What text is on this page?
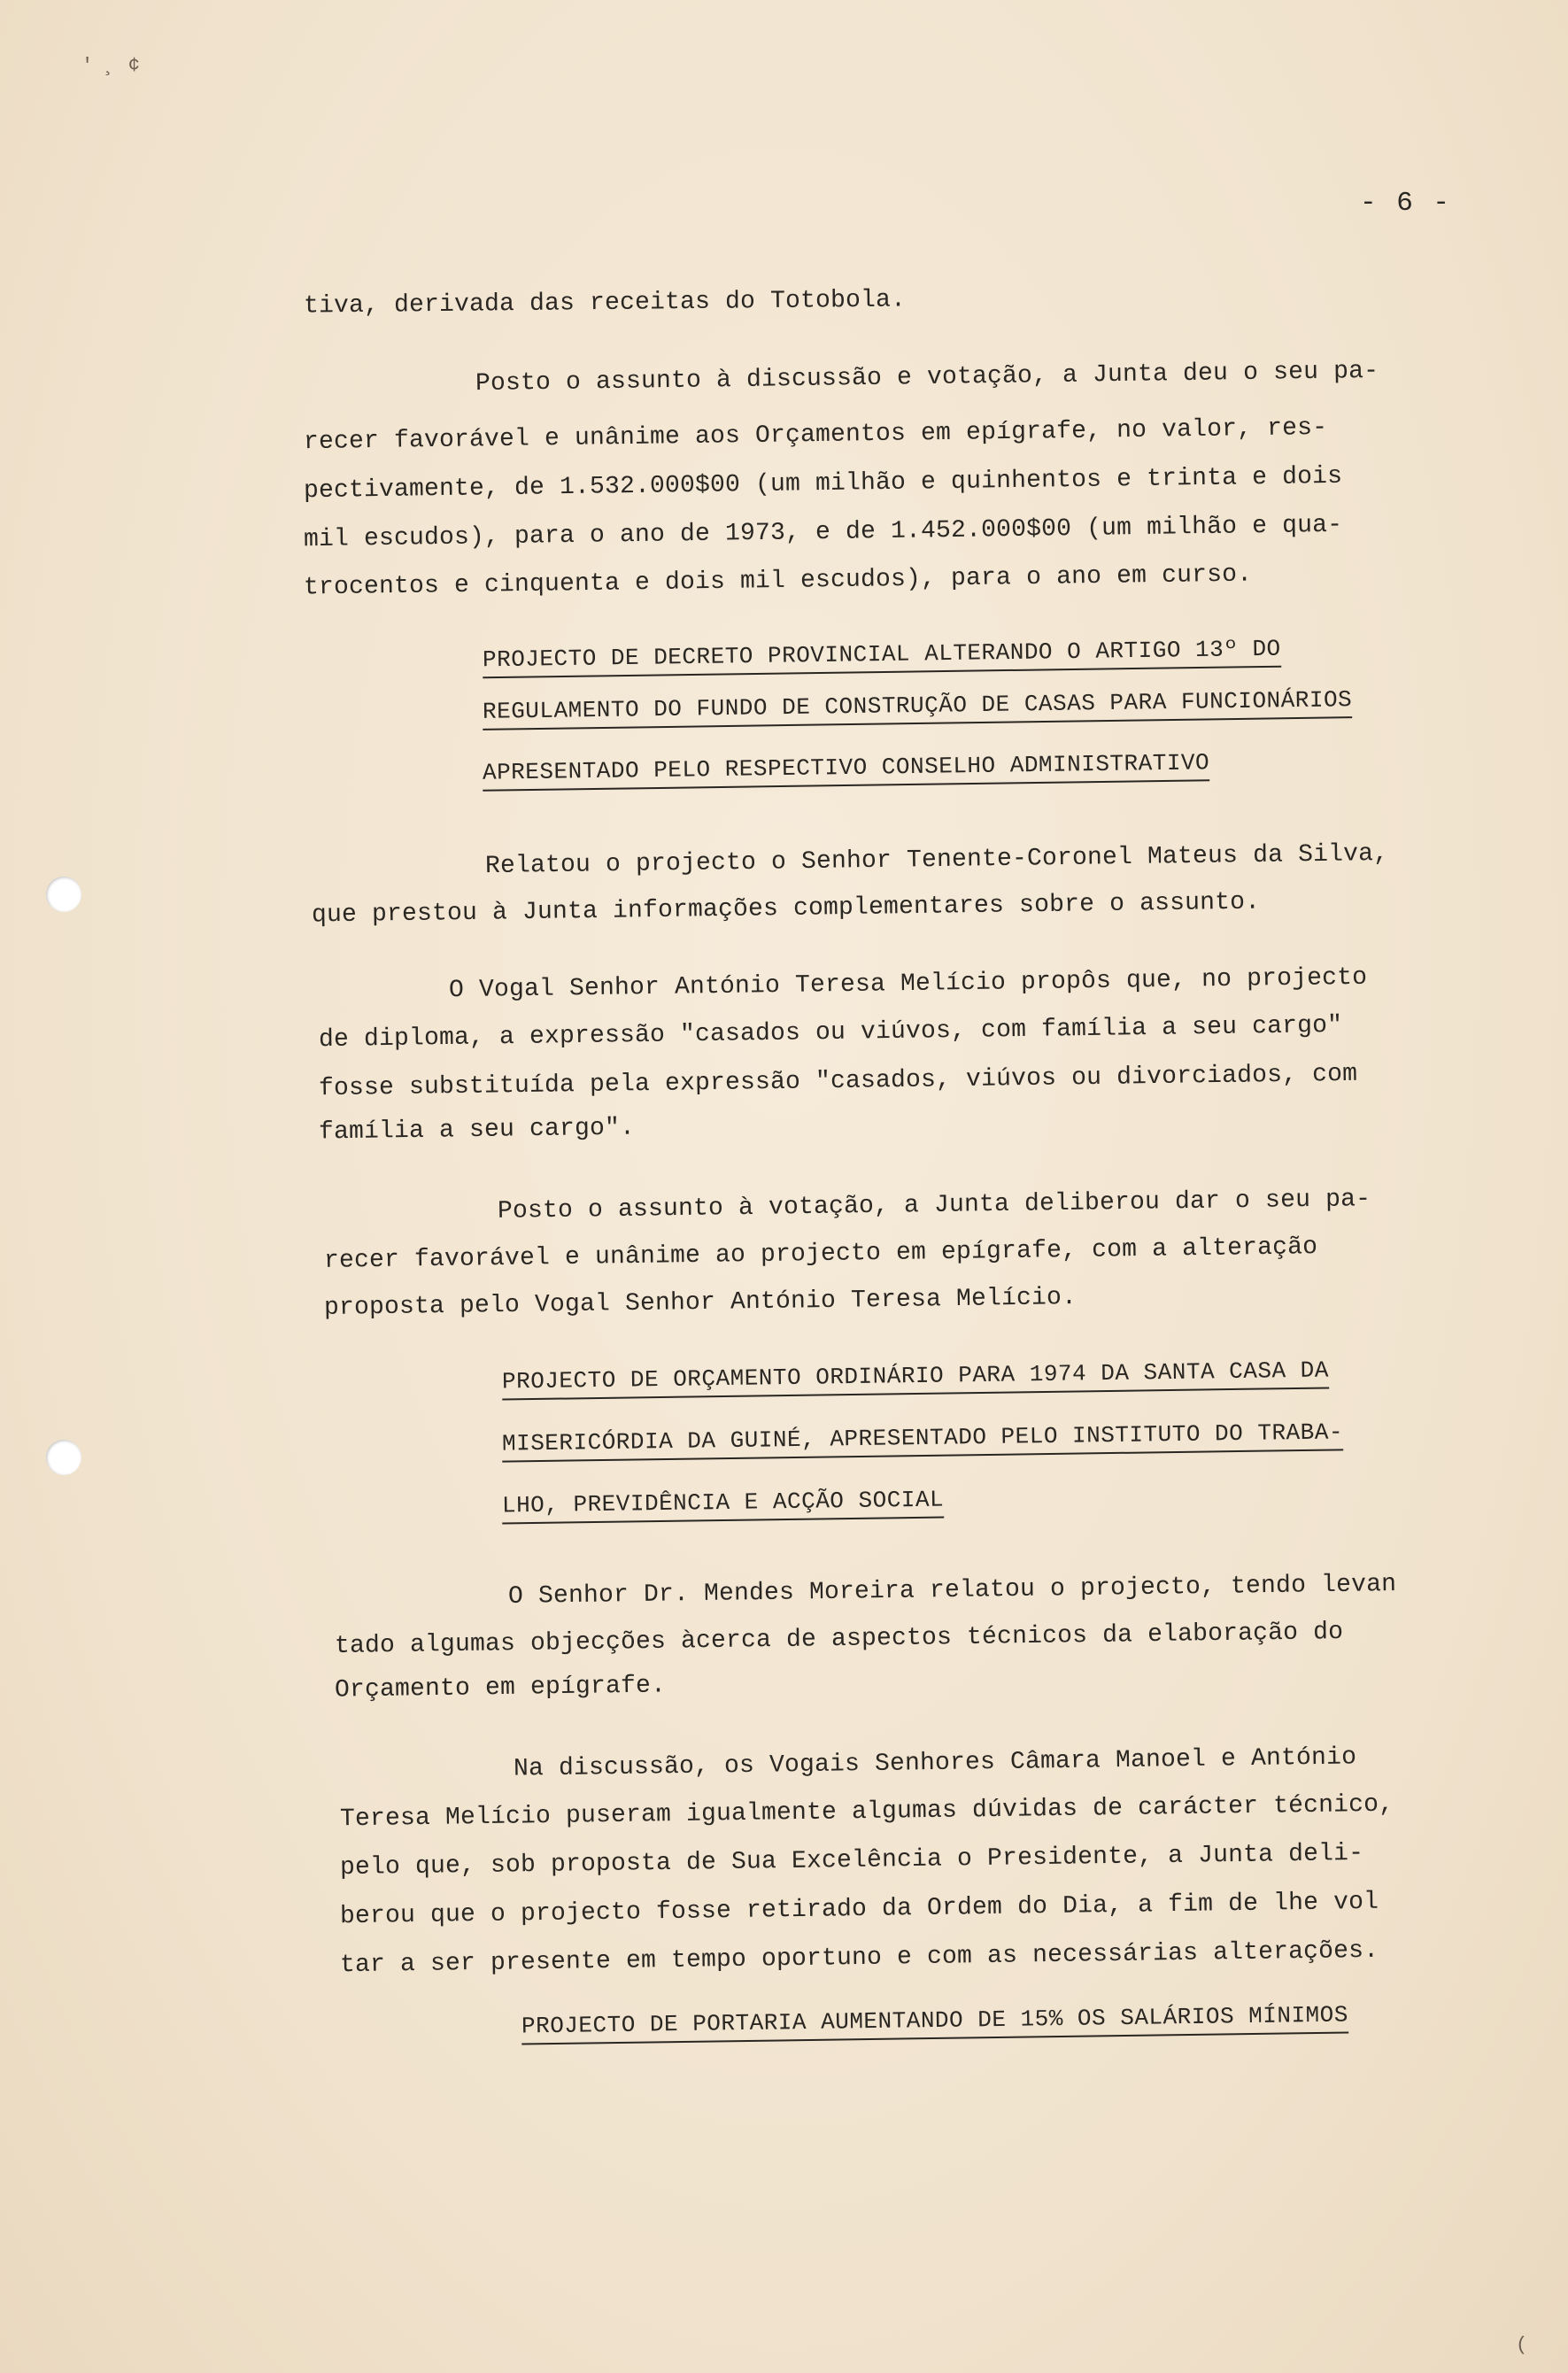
' ¸ ¢
- 6 -
tiva, derivada das receitas do Totobola.
Posto o assunto à discussão e votação, a Junta deu o seu pa-
recer favorável e unânime aos Orçamentos em epígrafe, no valor, res-
pectivamente, de 1.532.000$00 (um milhão e quinhentos e trinta e dois
mil escudos), para o ano de 1973, e de 1.452.000$00 (um milhão e qua-
trocentos e cinquenta e dois mil escudos), para o ano em curso.
PROJECTO DE DECRETO PROVINCIAL ALTERANDO O ARTIGO 13º DO
REGULAMENTO DO FUNDO DE CONSTRUÇÃO DE CASAS PARA FUNCIONÁRIOS
APRESENTADO PELO RESPECTIVO CONSELHO ADMINISTRATIVO
Relatou o projecto o Senhor Tenente-Coronel Mateus da Silva,
que prestou à Junta informações complementares sobre o assunto.
O Vogal Senhor António Teresa Melício propôs que, no projecto
de diploma, a expressão "casados ou viúvos, com família a seu cargo"
fosse substituída pela expressão "casados, viúvos ou divorciados, com
família a seu cargo".
Posto o assunto à votação, a Junta deliberou dar o seu pa-
recer favorável e unânime ao projecto em epígrafe, com a alteração
proposta pelo Vogal Senhor António Teresa Melício.
PROJECTO DE ORÇAMENTO ORDINÁRIO PARA 1974 DA SANTA CASA DA
MISERICÓRDIA DA GUINÉ, APRESENTADO PELO INSTITUTO DO TRABA-
LHO, PREVIDÊNCIA E ACÇÃO SOCIAL
O Senhor Dr. Mendes Moreira relatou o projecto, tendo levan
tado algumas objecções àcerca de aspectos técnicos da elaboração do
Orçamento em epígrafe.
Na discussão, os Vogais Senhores Câmara Manoel e António
Teresa Melício puseram igualmente algumas dúvidas de carácter técnico,
pelo que, sob proposta de Sua Excelência o Presidente, a Junta deli-
berou que o projecto fosse retirado da Ordem do Dia, a fim de lhe vol
tar a ser presente em tempo oportuno e com as necessárias alterações.
PROJECTO DE PORTARIA AUMENTANDO DE 15% OS SALÁRIOS MÍNIMOS
(
